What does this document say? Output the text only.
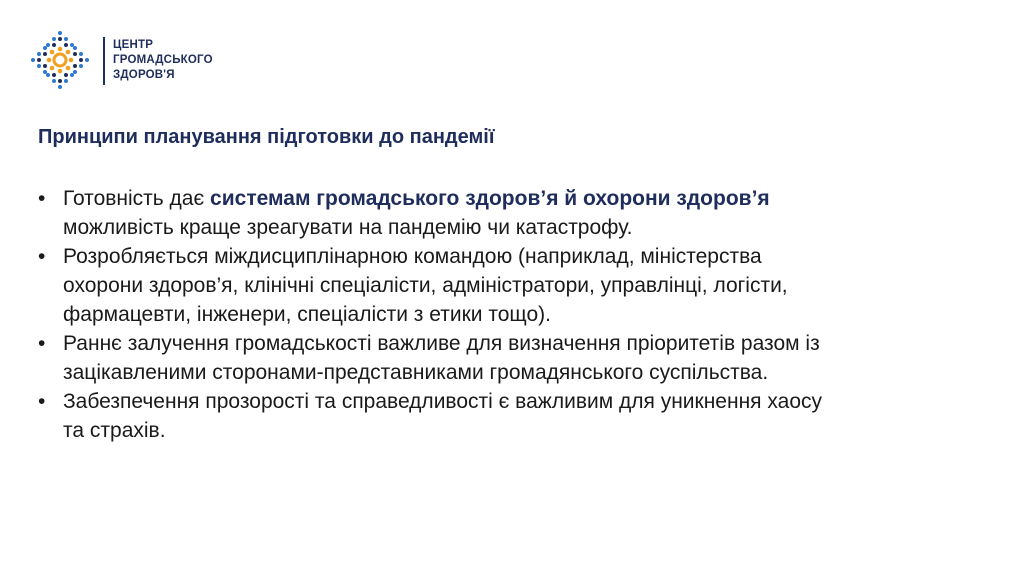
ЦЕНТР
ГРОМАДСЬКОГО
ЗДОРОВ'Я
Принципи планування підготовки до пандемії
• Готовність дає системам громадського здоров’я й охорони здоров’я можливість краще зреагувати на пандемію чи катастрофу.
• Розробляється міждисциплінарною командою (наприклад, міністерства охорони здоров’я, клінічні спеціалісти, адміністратори, управлінці, логісти, фармацевти, інженери, спеціалісти з етики тощо).
• Раннє залучення громадськості важливе для визначення пріоритетів разом із зацікавленими сторонами-представниками громадянського суспільства.
• Забезпечення прозорості та справедливості є важливим для уникнення хаосу та страхів.
